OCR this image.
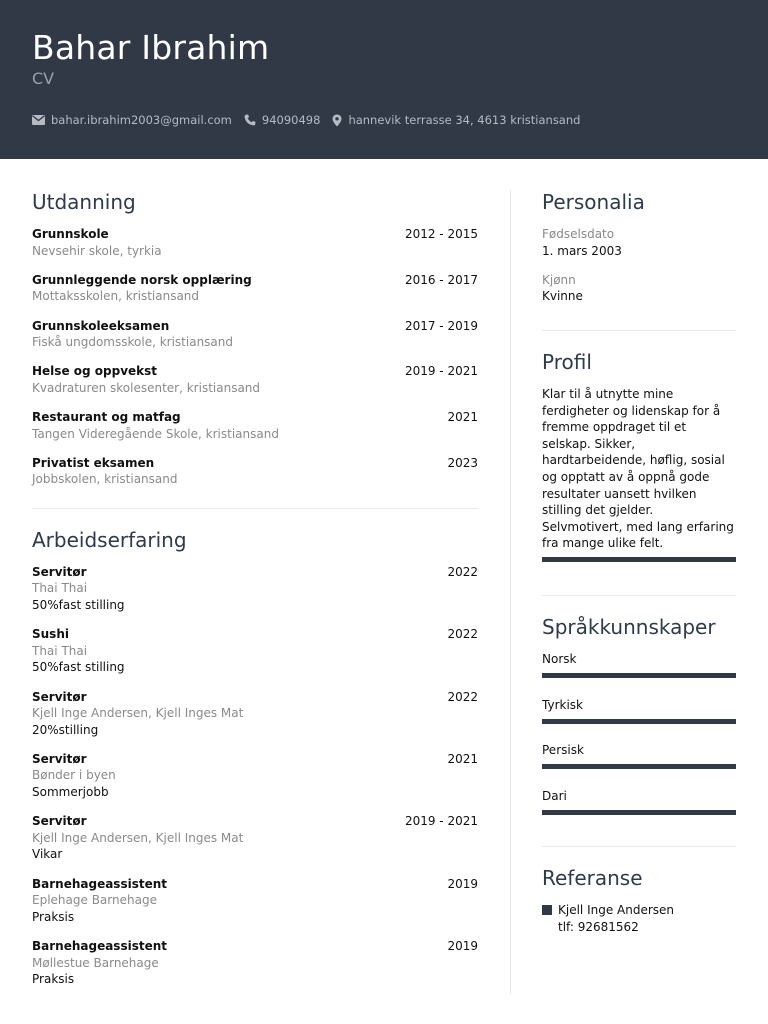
Bahar Ibrahim
CV
bahar.ibrahim2003@gmail.com	94090498 hannevik terrasse 34, 4613 kristiansand
Utdanning
Grunnskole
Nevsehir skole, tyrkia
2012 - 2015
Grunnleggende norsk opplæring
Mottaksskolen, kristiansand
2016 - 2017
Grunnskoleeksamen
Fiskå ungdomsskole, kristiansand
2017 - 2019
Helse og oppvekst
Kvadraturen skolesenter, kristiansand
2019 - 2021
Restaurant og matfag
Tangen Videregående Skole, kristiansand
2021
Privatist eksamen
Jobbskolen, kristiansand
2023
Arbeidserfaring
Servitør
Thai Thai
50%fast stilling
2022
Sushi
Thai Thai
50%fast stilling
2022
Servitør
Kjell Inge Andersen, Kjell Inges Mat
20%stilling
2022
Servitør
Bønder i byen
Sommerjobb
2021
Servitør
Kjell Inge Andersen, Kjell Inges Mat
Vikar
2019 - 2021
Barnehageassistent
Eplehage Barnehage
Praksis
2019
Barnehageassistent
Møllestue Barnehage
Praksis
2019
Personalia
Fødselsdato
1. mars 2003
Kjønn
Kvinne
Profil

Klar til å utnytte mine ferdigheter og lidenskap for å fremme oppdraget til et selskap. Sikker, hardtarbeidende, høflig, sosial og opptatt av å oppnå gode resultater uansett hvilken stilling det gjelder. Selvmotivert, med lang erfaring fra mange ulike felt.

Språkkunnskaper
Norsk
Tyrkisk
Persisk
Dari
Referanse
Kjell Inge Andersen
tlf: 92681562
